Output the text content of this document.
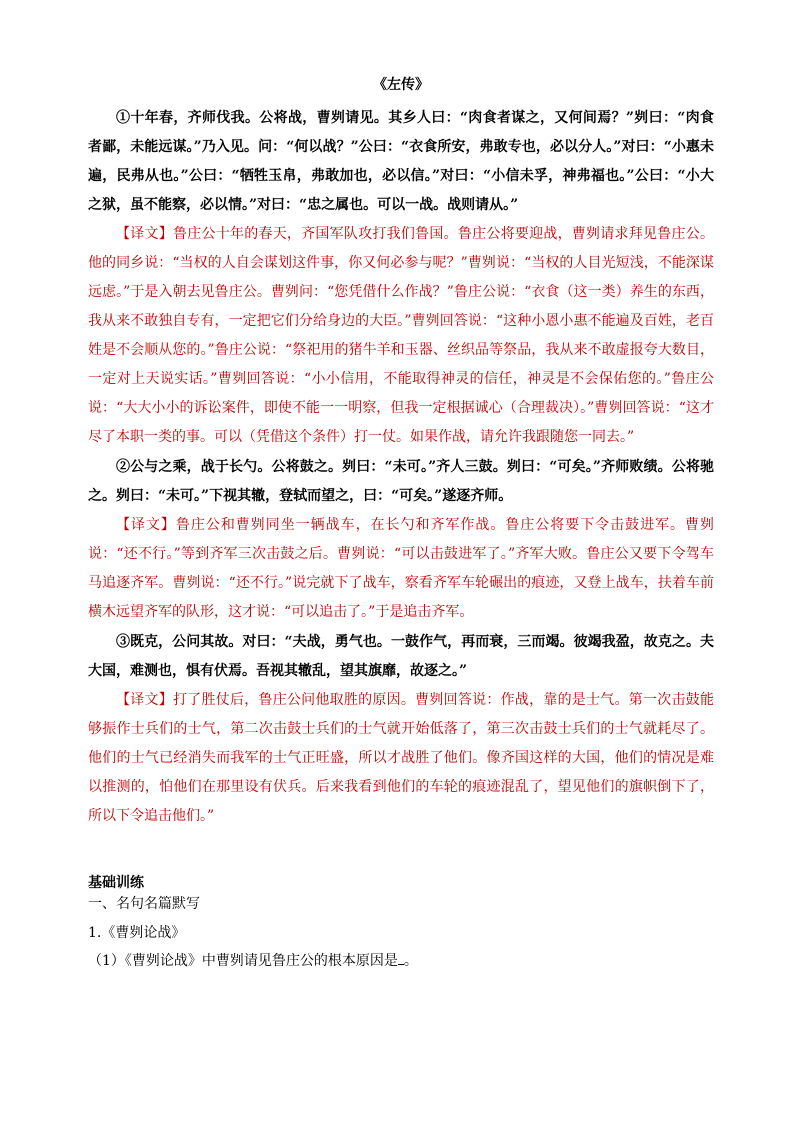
《左传》

①十年春，齐师伐我。公将战，曹刿请见。其乡人曰：“肉食者谋之，又何间焉？”刿曰：“肉食者鄙，未能远谋。”乃入见。问：“何以战？”公曰：“衣食所安，弗敢专也，必以分人。”对曰：“小惠未遍，民弗从也。”公曰：“牺牲玉帛，弗敢加也，必以信。”对曰：“小信未孚，神弗福也。”公曰：“小大之狱，虽不能察，必以情。”对曰：“忠之属也。可以一战。战则请从。”

【译文】鲁庄公十年的春天，齐国军队攻打我们鲁国。鲁庄公将要迎战，曹刿请求拜见鲁庄公。他的同乡说：“当权的人自会谋划这件事，你又何必参与呢？”曹刿说：“当权的人目光短浅，不能深谋远虑。”于是入朝去见鲁庄公。曹刿问：“您凭借什么作战？”鲁庄公说：“衣食（这一类）养生的东西，我从来不敢独自专有，一定把它们分给身边的大臣。”曹刿回答说：“这种小恩小惠不能遍及百姓，老百姓是不会顺从您的。”鲁庄公说：“祭祀用的猪牛羊和玉器、丝织品等祭品，我从来不敢虚报夸大数目，一定对上天说实话。”曹刿回答说：“小小信用，不能取得神灵的信任，神灵是不会保佑您的。”鲁庄公说：“大大小小的诉讼案件，即使不能一一明察，但我一定根据诚心（合理裁决）。”曹刿回答说：“这才尽了本职一类的事。可以（凭借这个条件）打一仗。如果作战，请允许我跟随您一同去。”

②公与之乘，战于长勺。公将鼓之。刿曰：“未可。”齐人三鼓。刿曰：“可矣。”齐师败绩。公将驰之。刿曰：“未可。”下视其辙，登轼而望之，曰：“可矣。”遂逐齐师。

【译文】鲁庄公和曹刿同坐一辆战车，在长勺和齐军作战。鲁庄公将要下令击鼓进军。曹刿说：“还不行。”等到齐军三次击鼓之后。曹刿说：“可以击鼓进军了。”齐军大败。鲁庄公又要下令驾车马追逐齐军。曹刿说：“还不行。”说完就下了战车，察看齐军车轮碾出的痕迹，又登上战车，扶着车前横木远望齐军的队形，这才说：“可以追击了。”于是追击齐军。

③既克，公问其故。对曰：“夫战，勇气也。一鼓作气，再而衰，三而竭。彼竭我盈，故克之。夫大国，难测也，惧有伏焉。吾视其辙乱，望其旗靡，故逐之。”

【译文】打了胜仗后，鲁庄公问他取胜的原因。曹刿回答说：作战，靠的是士气。第一次击鼓能够振作士兵们的士气，第二次击鼓士兵们的士气就开始低落了，第三次击鼓士兵们的士气就耗尽了。他们的士气已经消失而我军的士气正旺盛，所以才战胜了他们。像齐国这样的大国，他们的情况是难以推测的，怕他们在那里设有伏兵。后来我看到他们的车轮的痕迹混乱了，望见他们的旗帜倒下了，所以下令追击他们。”

基础训练

一、名句名篇默写

1.《曹刿论战》

（1）《曹刿论战》中曹刿请见鲁庄公的根本原因是 。
